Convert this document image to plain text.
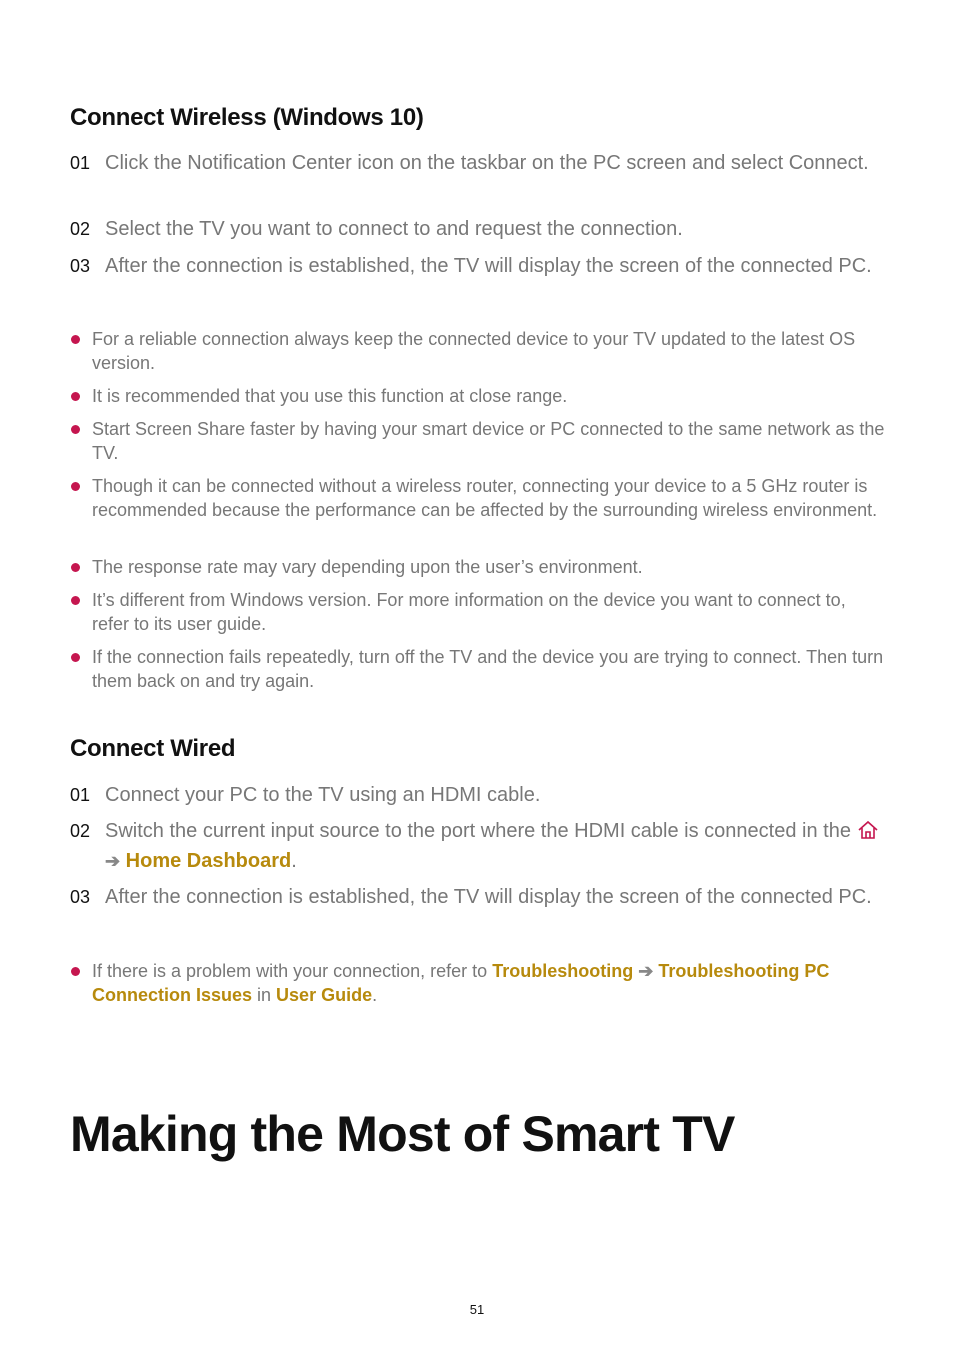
Connect Wireless (Windows 10)
01 Click the Notification Center icon on the taskbar on the PC screen and select Connect.
02 Select the TV you want to connect to and request the connection.
03 After the connection is established, the TV will display the screen of the connected PC.
For a reliable connection always keep the connected device to your TV updated to the latest OS version.
It is recommended that you use this function at close range.
Start Screen Share faster by having your smart device or PC connected to the same network as the TV.
Though it can be connected without a wireless router, connecting your device to a 5 GHz router is recommended because the performance can be affected by the surrounding wireless environment.
The response rate may vary depending upon the user’s environment.
It’s different from Windows version. For more information on the device you want to connect to, refer to its user guide.
If the connection fails repeatedly, turn off the TV and the device you are trying to connect. Then turn them back on and try again.
Connect Wired
01 Connect your PC to the TV using an HDMI cable.
02 Switch the current input source to the port where the HDMI cable is connected in the ➔ Home Dashboard.
03 After the connection is established, the TV will display the screen of the connected PC.
If there is a problem with your connection, refer to Troubleshooting ➔ Troubleshooting PC Connection Issues in User Guide.
Making the Most of Smart TV
51
